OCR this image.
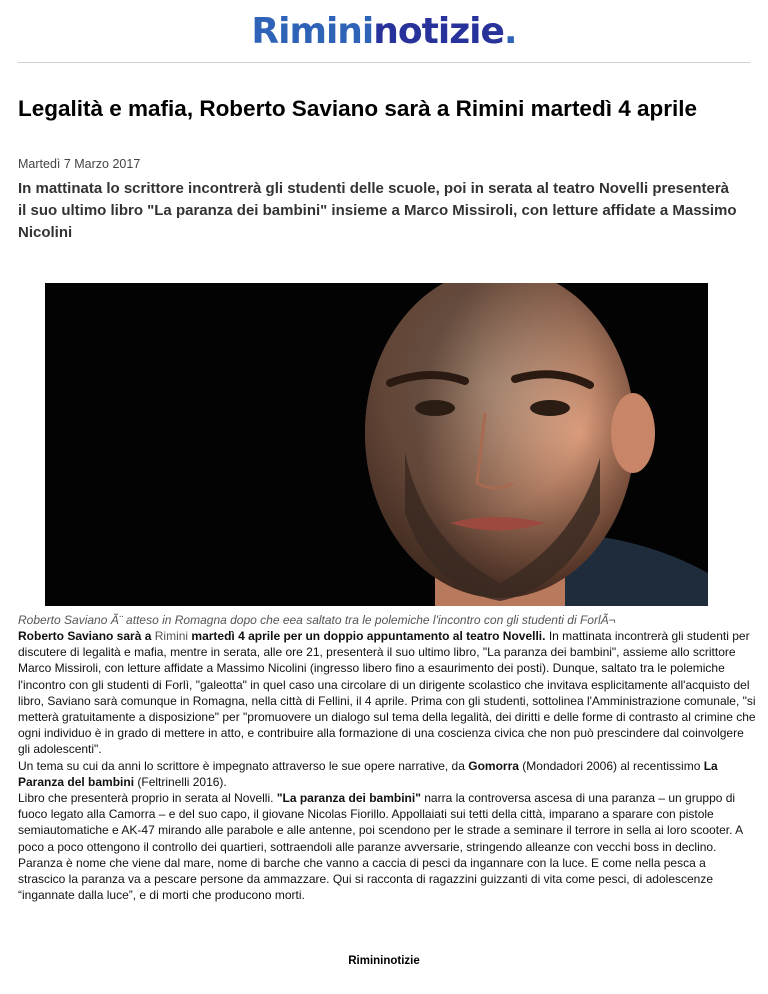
Rimininotizie.
Legalità e mafia, Roberto Saviano sarà a Rimini martedì 4 aprile
Martedì 7 Marzo 2017
In mattinata lo scrittore incontrerà gli studenti delle scuole, poi in serata al teatro Novelli presenterà il suo ultimo libro "La paranza dei bambini" insieme a Marco Missiroli, con letture affidate a Massimo Nicolini
Roberto Saviano Ã¨ atteso in Romagna dopo che eea saltato tra le polemiche l'incontro con gli studenti di ForlÃ¬

Roberto Saviano sarà a Rimini martedì 4 aprile per un doppio appuntamento al teatro Novelli. In mattinata incontrerà gli studenti per discutere di legalità e mafia, mentre in serata, alle ore 21, presenterà il suo ultimo libro, "La paranza dei bambini", assieme allo scrittore Marco Missiroli, con letture affidate a Massimo Nicolini (ingresso libero fino a esaurimento dei posti). Dunque, saltato tra le polemiche l'incontro con gli studenti di Forlì, "galeotta" in quel caso una circolare di un dirigente scolastico che invitava esplicitamente all'acquisto del libro, Saviano sarà comunque in Romagna, nella città di Fellini, il 4 aprile. Prima con gli studenti, sottolinea l'Amministrazione comunale, "si metterà gratuitamente a disposizione" per "promuovere un dialogo sul tema della legalità, dei diritti e delle forme di contrasto al crimine che ogni individuo è in grado di mettere in atto, e contribuire alla formazione di una coscienza civica che non può prescindere dal coinvolgere gli adolescenti".
Un tema su cui da anni lo scrittore è impegnato attraverso le sue opere narrative, da Gomorra (Mondadori 2006) al recentissimo La Paranza del bambini (Feltrinelli 2016).

Libro che presenterà proprio in serata al Novelli. "La paranza dei bambini" narra la controversa ascesa di una paranza – un gruppo di fuoco legato alla Camorra – e del suo capo, il giovane Nicolas Fiorillo. Appollaiati sui tetti della città, imparano a sparare con pistole semiautomatiche e AK-47 mirando alle parabole e alle antenne, poi scendono per le strade a seminare il terrore in sella ai loro scooter. A poco a poco ottengono il controllo dei quartieri, sottraendoli alle paranze avversarie, stringendo alleanze con vecchi boss in declino.

Paranza è nome che viene dal mare, nome di barche che vanno a caccia di pesci da ingannare con la luce. E come nella pesca a strascico la paranza va a pescare persone da ammazzare. Qui si racconta di ragazzini guizzanti di vita come pesci, di adolescenze “ingannate dalla luce”, e di morti che producono morti.

Rimininotizie
